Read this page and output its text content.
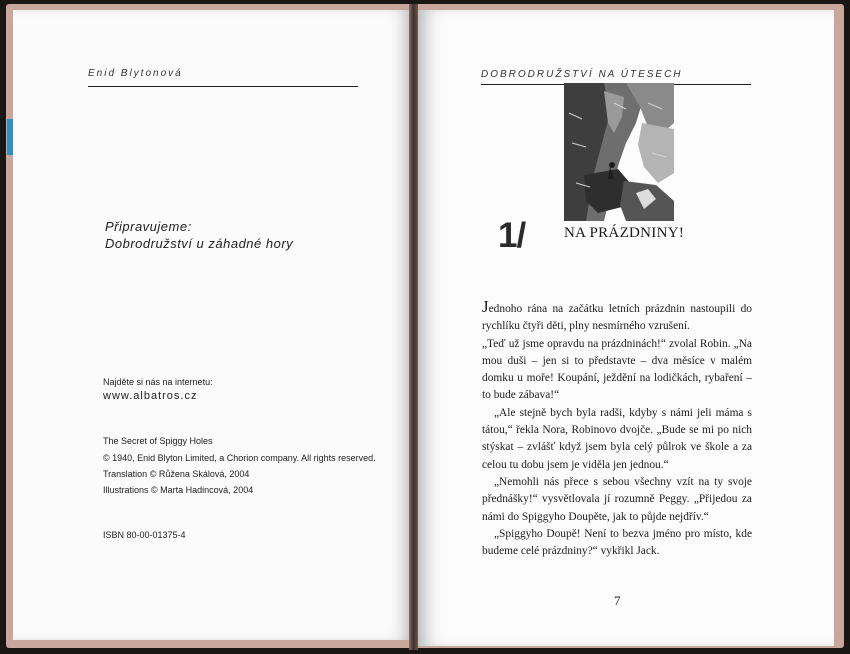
Enid Blytonová
Připravujeme:
Dobrodružství u záhadné hory
Najděte si nás na internetu:
www.albatros.cz
The Secret of Spiggy Holes
© 1940, Enid Blyton Limited, a Chorion company. All rights reserved.
Translation © Růžena Skálová, 2004
Illustrations © Marta Hadincová, 2004
ISBN 80-00-01375-4
DOBRODRUŽSTVÍ NA ÚTESECH
1/	NA PRÁZDNINY!

Jednoho rána na začátku letních prázdnin nastoupili do rychlíku čtyři děti, plny nesmírného vzrušení.

„Teď už jsme opravdu na prázdninách!“ zvolal Robin. „Na mou duši – jen si to představte – dva měsíce v malém domku u moře! Koupání, ježdění na lodičkách, rybaření – to bude zábava!“

„Ale stejně bych byla radši, kdyby s námi jeli máma s tátou,“ řekla Nora, Robinovo dvojče. „Bude se mi po nich stýskat – zvlášť když jsem byla celý půlrok ve škole a za celou tu dobu jsem je viděla jen jednou.“

„Nemohli nás přece s sebou všechny vzít na ty svoje přednášky!“ vysvětlovala jí rozumně Peggy. „Přijedou za námi do Spiggyho Doupěte, jak to půjde nejdřív.“

„Spiggyho Doupě! Není to bezva jméno pro místo, kde budeme celé prázdniny?“ vykřikl Jack.

7
